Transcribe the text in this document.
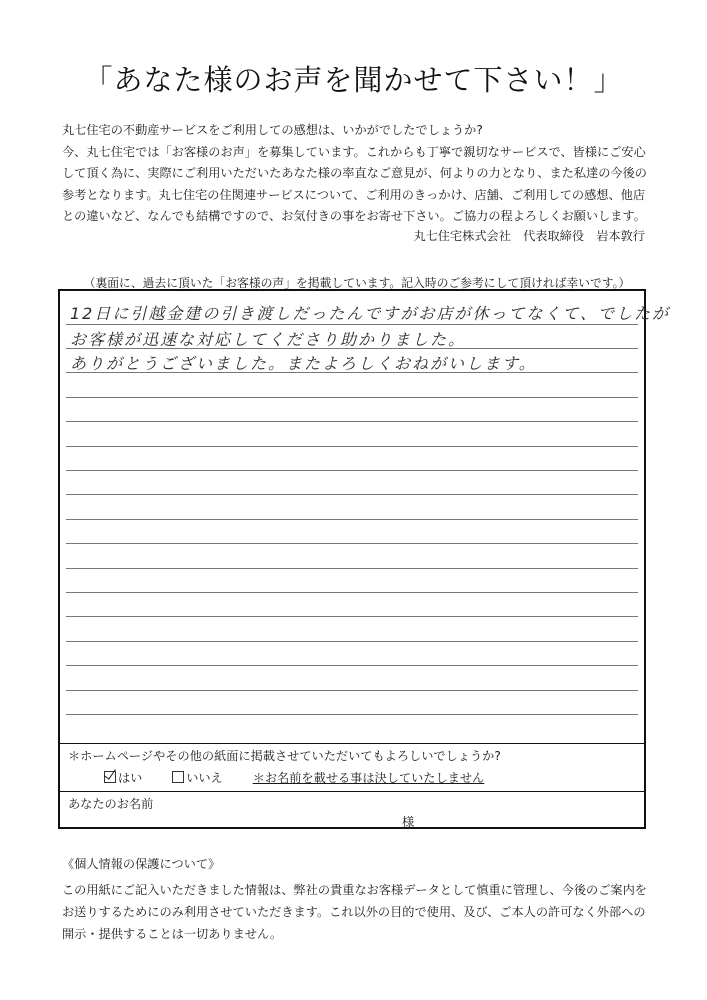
「あなた様のお声を聞かせて下さい！」
丸七住宅の不動産サービスをご利用しての感想は、いかがでしたでしょうか?
今、丸七住宅では「お客様のお声」を募集しています。これからも丁寧で親切なサービスで、皆様にご安心
して頂く為に、実際にご利用いただいたあなた様の率直なご意見が、何よりの力となり、また私達の今後の
参考となります。丸七住宅の住関連サービスについて、ご利用のきっかけ、店舗、ご利用しての感想、他店
との違いなど、なんでも結構ですので、お気付きの事をお寄せ下さい。ご協力の程よろしくお願いします。
丸七住宅株式会社　代表取締役　岩本敦行
（裏面に、過去に頂いた「お客様の声」を掲載しています。記入時のご参考にして頂ければ幸いです。）
12日に引越金建の引き渡しだったんですがお店が休ってなくて、でしたが
お客様が迅速な対応してくださり助かりました。
ありがとうございました。またよろしくおねがいします。
＊ホームページやその他の紙面に掲載させていただいてもよろしいでしょうか?
はい	いいえ ＊お名前を載せる事は決していたしません
あなたのお名前
様
《個人情報の保護について》
この用紙にご記入いただきました情報は、弊社の貴重なお客様データとして慎重に管理し、今後のご案内を
お送りするためにのみ利用させていただきます。これ以外の目的で使用、及び、ご本人の許可なく外部への
開示・提供することは一切ありません。
